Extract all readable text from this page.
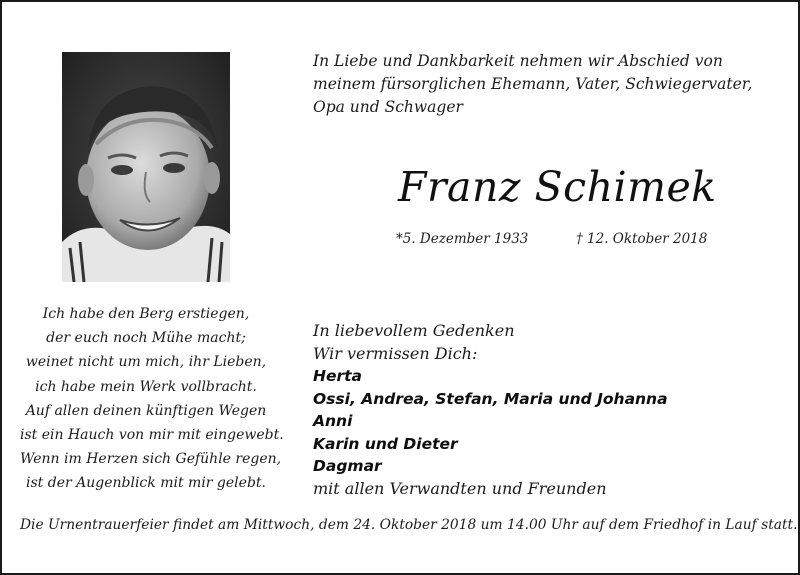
In Liebe und Dankbarkeit nehmen wir Abschied von meinem fürsorglichen Ehemann, Vater, Schwiegervater, Opa und Schwager
Franz Schimek
*5. Dezember 1933	† 12. Oktober 2018
Ich habe den Berg erstiegen,
der euch noch Mühe macht;
weinet nicht um mich, ihr Lieben,
ich habe mein Werk vollbracht.
Auf allen deinen künftigen Wegen
ist ein Hauch von mir mit eingewebt.
Wenn im Herzen sich Gefühle regen,
ist der Augenblick mit mir gelebt.
In liebevollem Gedenken
Wir vermissen Dich:
Herta
Ossi, Andrea, Stefan, Maria und Johanna
Anni
Karin und Dieter
Dagmar
mit allen Verwandten und Freunden
Die Urnentrauerfeier findet am Mittwoch, dem 24. Oktober 2018 um 14.00 Uhr auf dem Friedhof in Lauf statt.
